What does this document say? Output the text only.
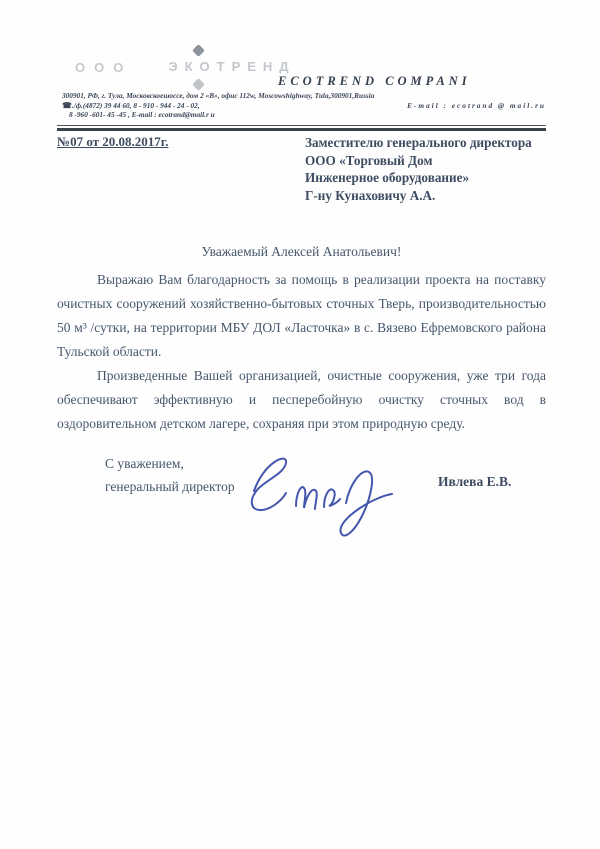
ООО	ЭКОТРЕНД
ECOTREND COMPANI
300901, РФ, г. Тула, Московскоешоссе, дом 2 «В», офис 112w, Moscowshighway, Tula,300901,Russia
☎./ф.(4872) 39 44 60, 8 - 910 - 944 - 24 - 02,	E-mail : ecotrand @ mail.ru
8 -960 -601- 45 -45 , E-mail : ecotrand@mail.r u
№07 от 20.08.2017г.	Заместителю генерального директора
ООО «Торговый Дом
Инженерное оборудование»
Г-ну Кунаховичу А.А.
Уважаемый Алексей Анатольевич!

Выражаю Вам благодарность за помощь в реализации проекта на поставку очистных сооружений хозяйственно-бытовых сточных Тверь, производительностью 50 м³ /сутки, на территории МБУ ДОЛ «Ласточка» в с. Вязево Ефремовского района Тульской области.

Произведенные Вашей организацией, очистные сооружения, уже три года обеспечивают эффективную и песперебойную очистку сточных вод в оздоровительном детском лагере, сохраняя при этом природную среду.

С уважением,
генеральный директор	Ивлева Е.В.
